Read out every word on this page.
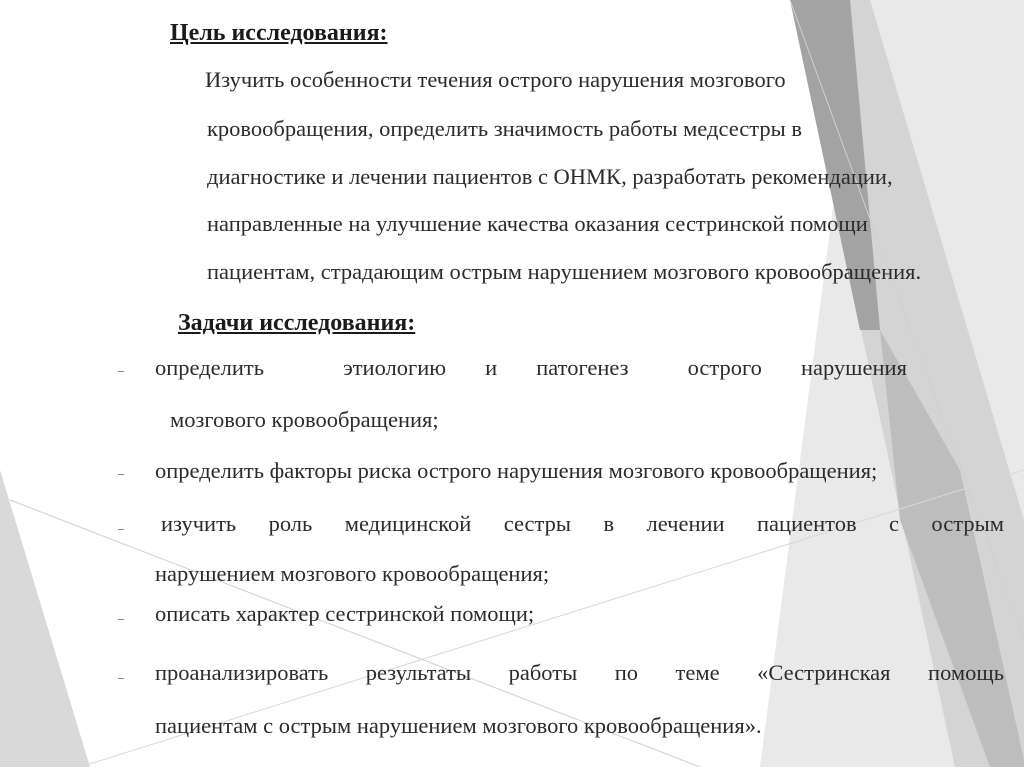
Цель исследования:
Изучить особенности течения острого нарушения мозгового
кровообращения, определить значимость работы медсестры в
диагностике и лечении пациентов с ОНМК, разработать рекомендации,
направленные на улучшение качества оказания сестринской помощи
пациентам, страдающим острым нарушением мозгового кровообращения.
Задачи исследования:
– определить	этиологию и патогенез	острого нарушения
мозгового кровообращения;
– определить факторы риска острого нарушения мозгового кровообращения;
– изучить роль медицинской сестры в лечении пациентов с острым
нарушением мозгового кровообращения;
– описать характер сестринской помощи;
– проанализировать результаты работы по теме «Сестринская помощь
пациентам с острым нарушением мозгового кровообращения».
